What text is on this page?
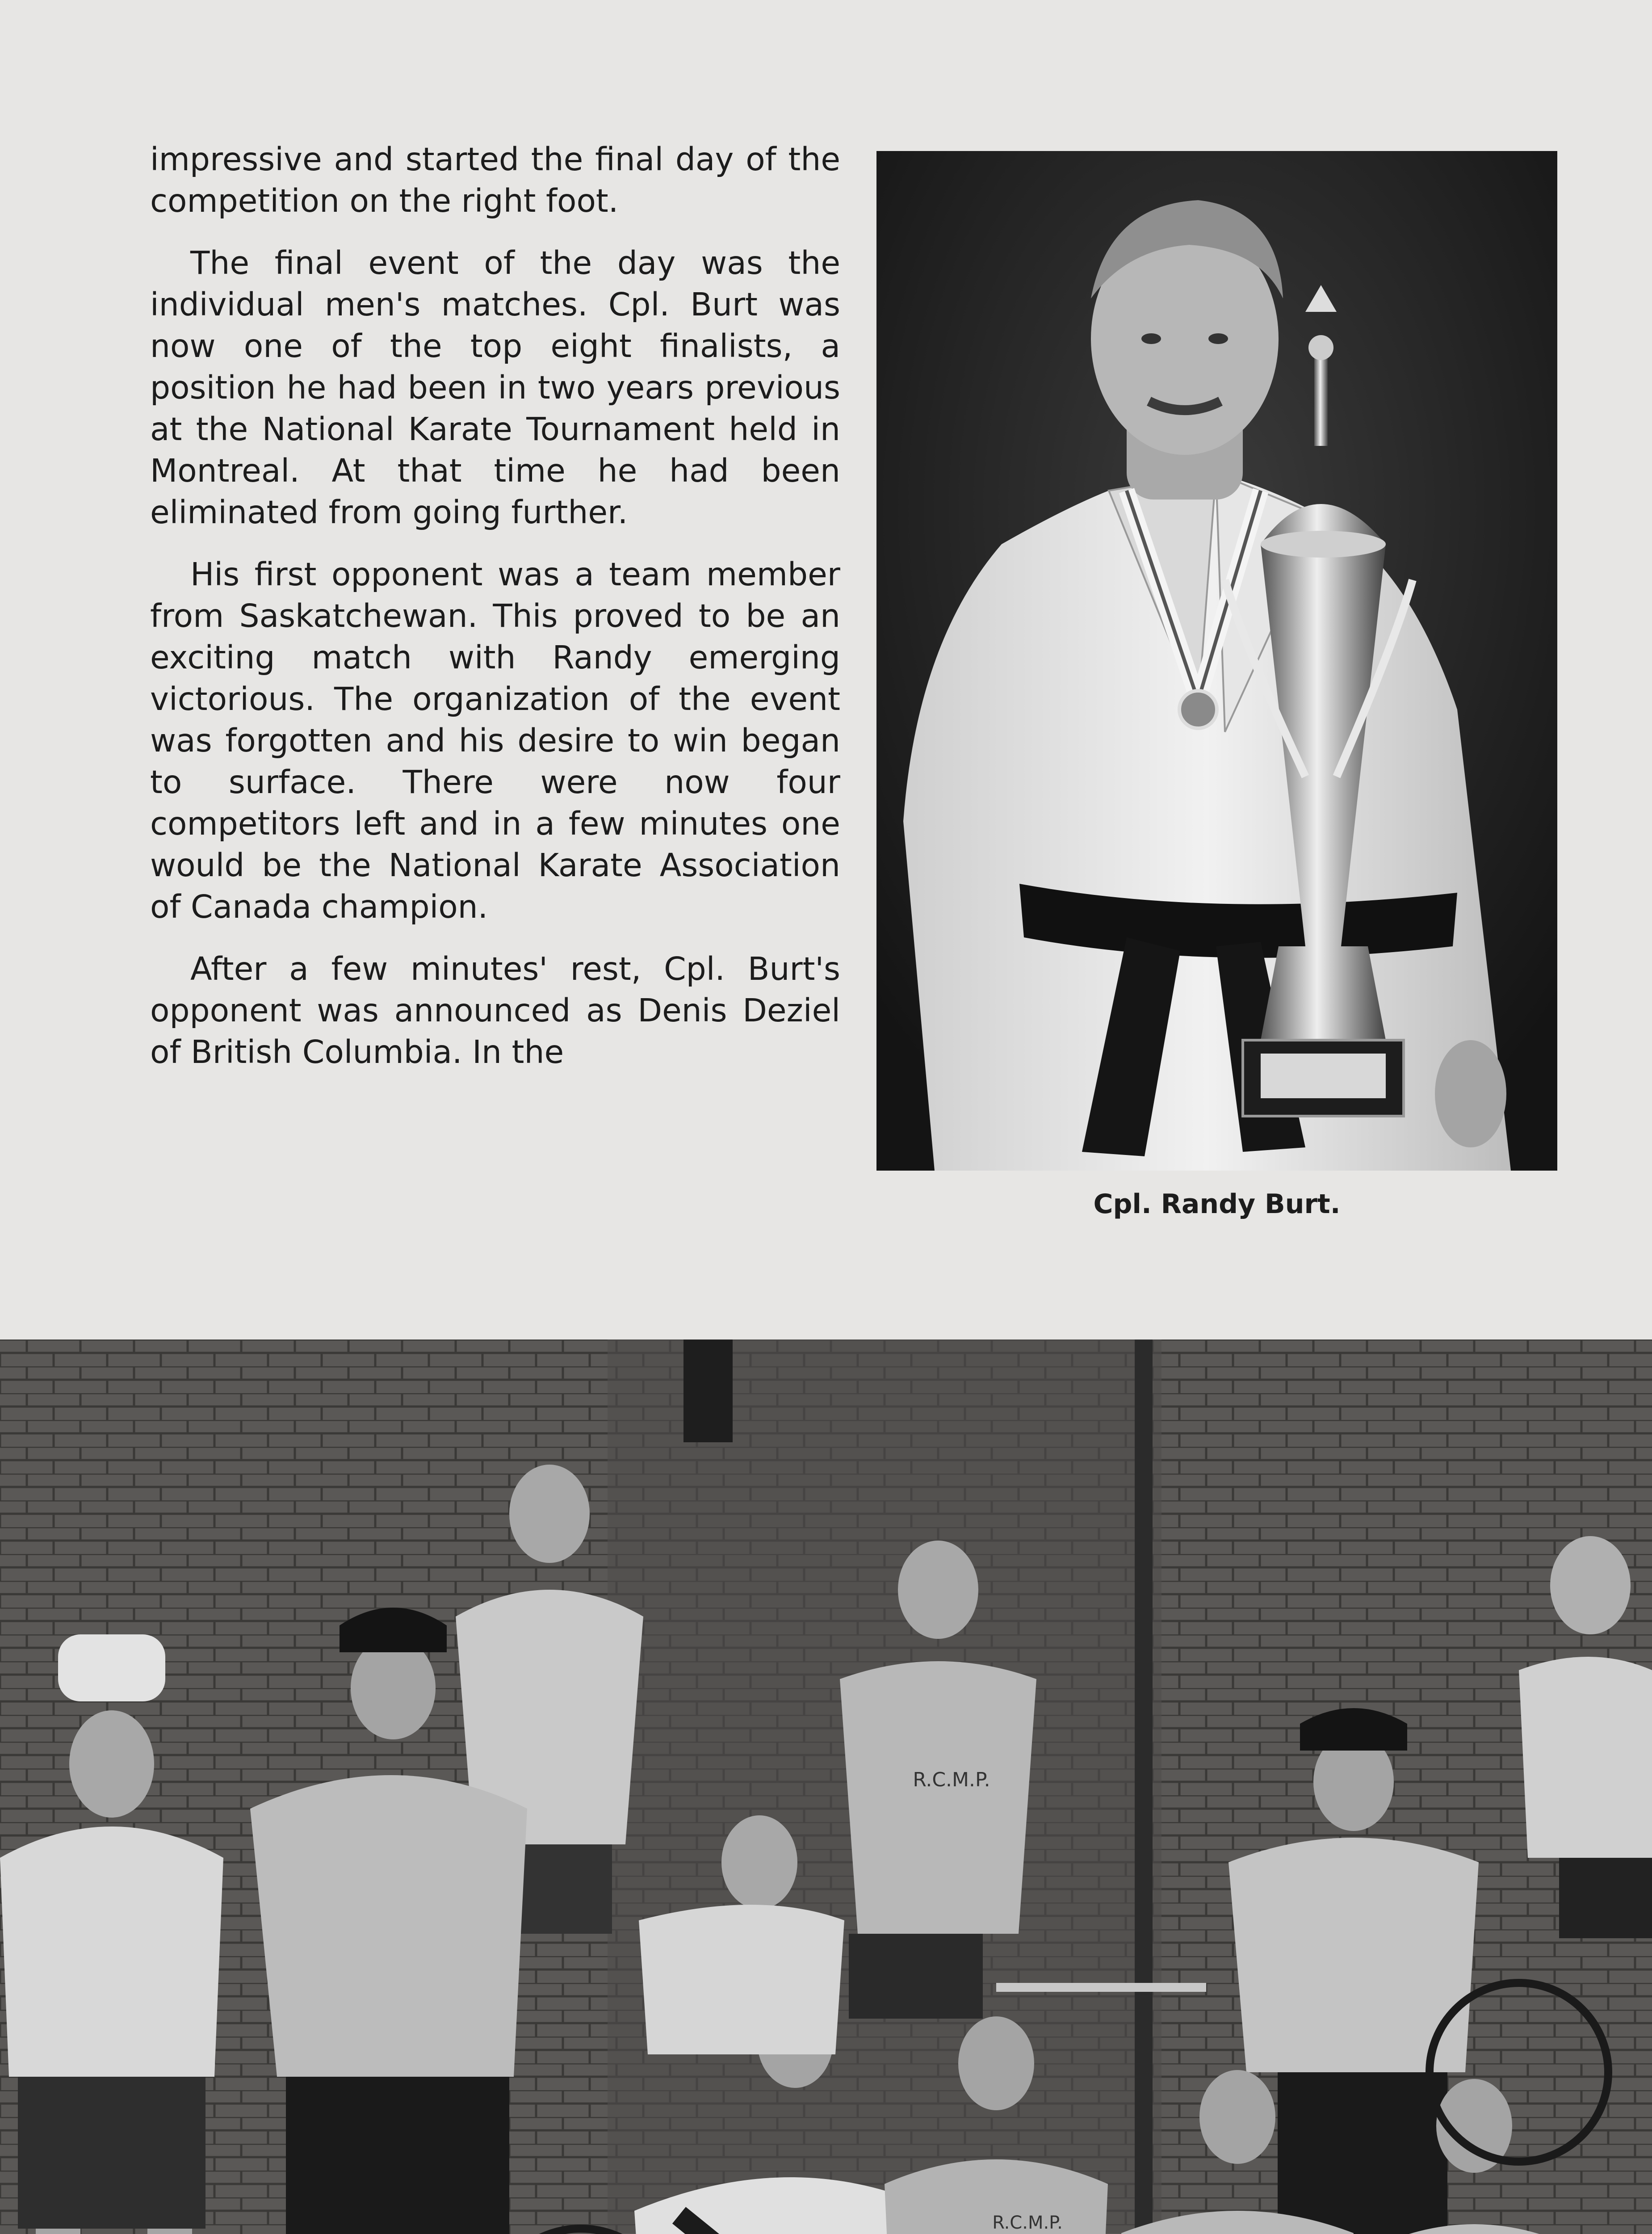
impressive and started the final day of the competition on the right foot.

The final event of the day was the individual men's matches. Cpl. Burt was now one of the top eight finalists, a position he had been in two years previous at the National Karate Tournament held in Montreal. At that time he had been eliminated from going further.

His first opponent was a team member from Saskatchewan. This proved to be an exciting match with Randy emerging victorious. The organization of the event was forgotten and his desire to win began to surface. There were now four competitors left and in a few minutes one would be the National Karate Association of Canada champion.

After a few minutes' rest, Cpl. Burt's opponent was announced as Denis Deziel of British Columbia. In the

Cpl. Randy Burt.
R.C.M.P.
R.C.M.P.
